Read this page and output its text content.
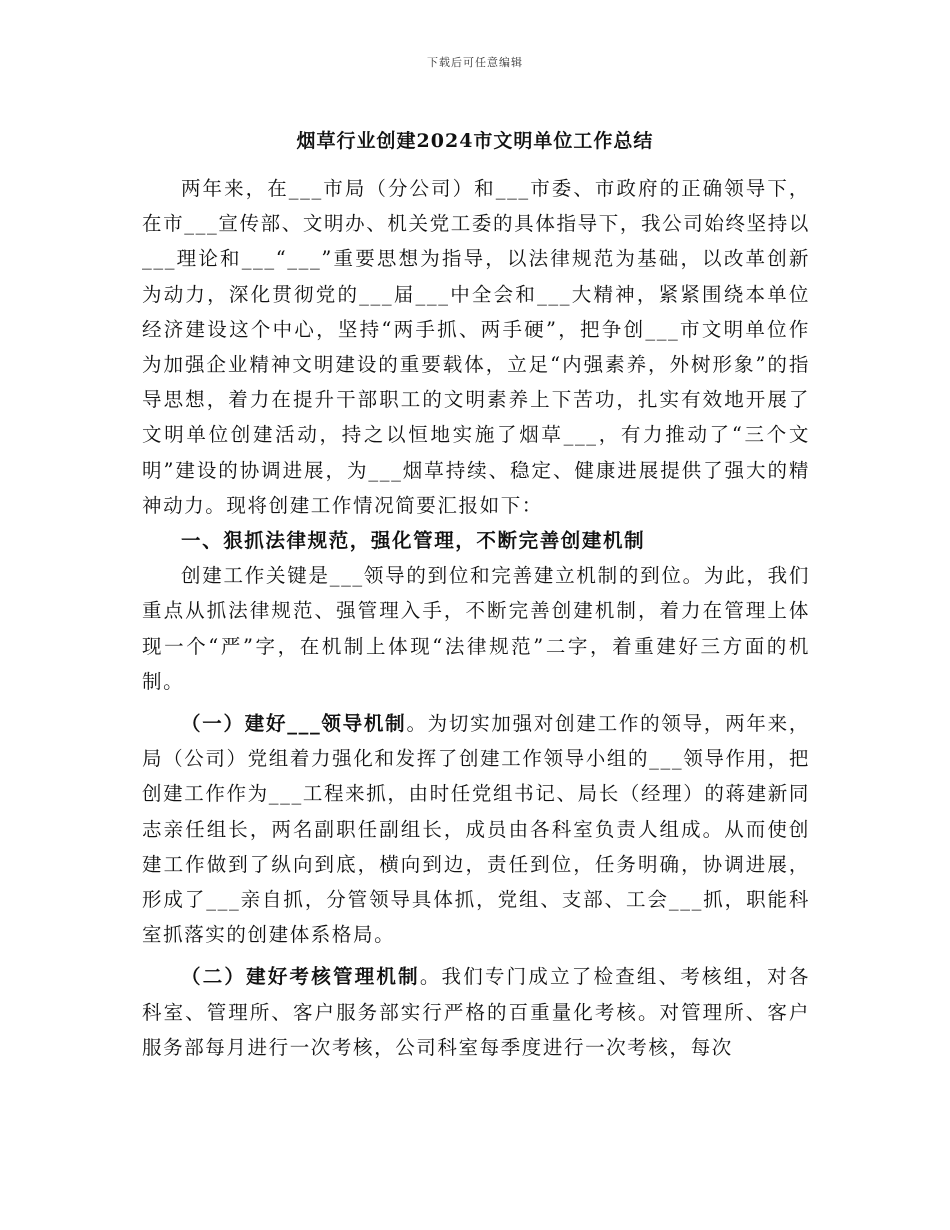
下载后可任意编辑
烟草行业创建2024市文明单位工作总结

两年来，在___市局（分公司）和___市委、市政府的正确领导下，在市___宣传部、文明办、机关党工委的具体指导下，我公司始终坚持以___理论和___“___”重要思想为指导，以法律规范为基础，以改革创新为动力，深化贯彻党的___届___中全会和___大精神，紧紧围绕本单位经济建设这个中心，坚持“两手抓、两手硬”，把争创___市文明单位作为加强企业精神文明建设的重要载体，立足“内强素养，外树形象”的指导思想，着力在提升干部职工的文明素养上下苦功，扎实有效地开展了文明单位创建活动，持之以恒地实施了烟草___，有力推动了“三个文明”建设的协调进展，为___烟草持续、稳定、健康进展提供了强大的精神动力。现将创建工作情况简要汇报如下：

一、狠抓法律规范，强化管理，不断完善创建机制

创建工作关键是___领导的到位和完善建立机制的到位。为此，我们重点从抓法律规范、强管理入手，不断完善创建机制，着力在管理上体现一个“严”字，在机制上体现“法律规范”二字，着重建好三方面的机制。

（一）建好___领导机制。为切实加强对创建工作的领导，两年来，局（公司）党组着力强化和发挥了创建工作领导小组的___领导作用，把创建工作作为___工程来抓，由时任党组书记、局长（经理）的蒋建新同志亲任组长，两名副职任副组长，成员由各科室负责人组成。从而使创建工作做到了纵向到底，横向到边，责任到位，任务明确，协调进展，形成了___亲自抓，分管领导具体抓，党组、支部、工会___抓，职能科室抓落实的创建体系格局。

（二）建好考核管理机制。我们专门成立了检查组、考核组，对各科室、管理所、客户服务部实行严格的百重量化考核。对管理所、客户服务部每月进行一次考核，公司科室每季度进行一次考核，每次
